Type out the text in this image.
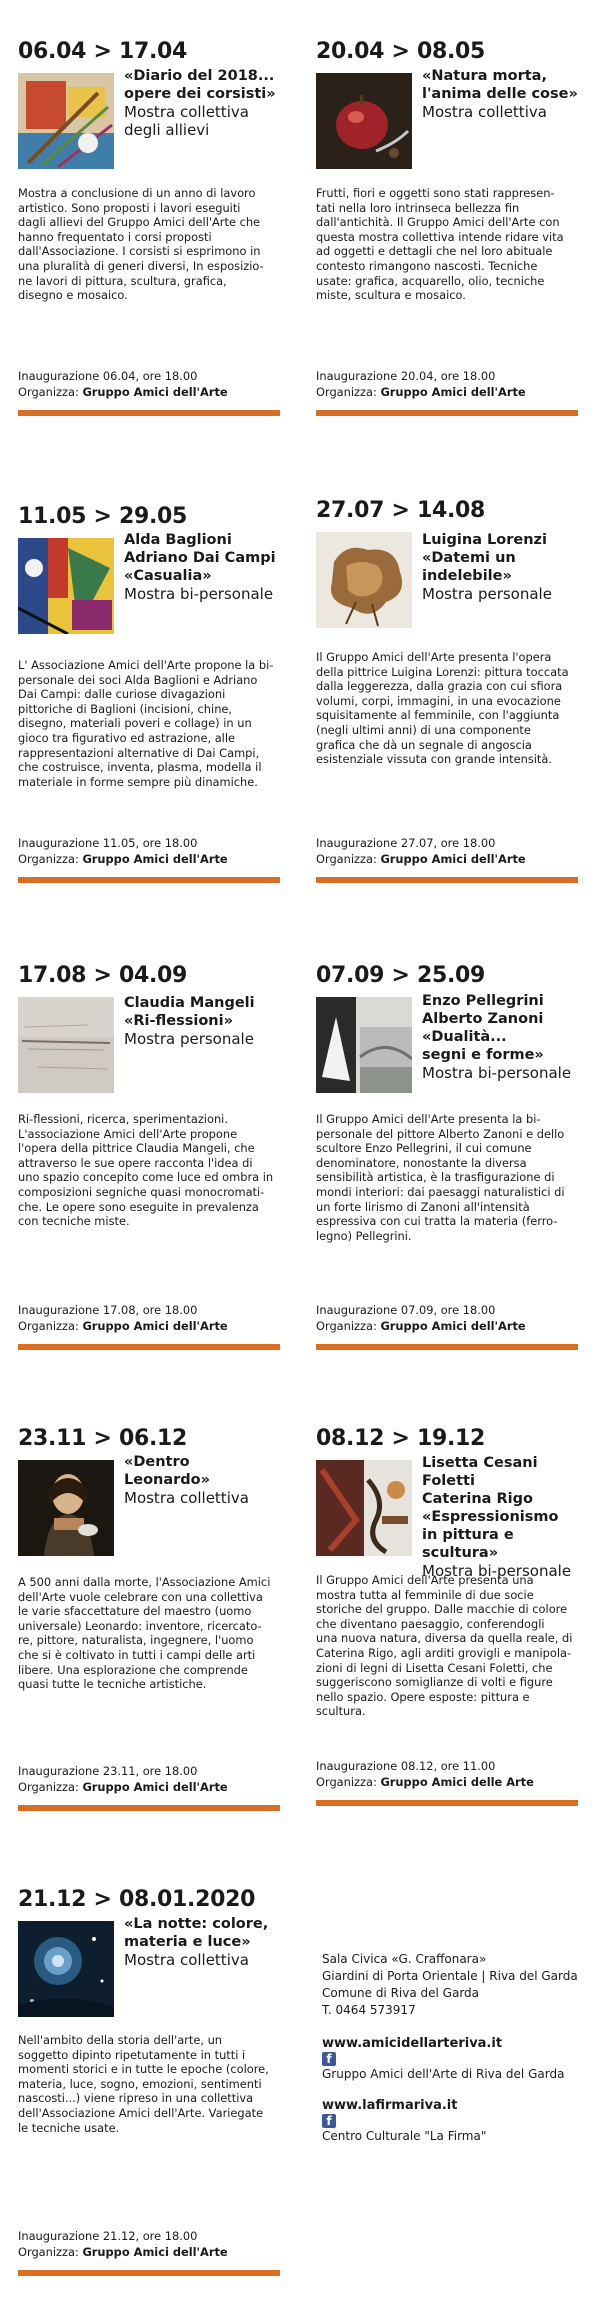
06.04 > 17.04
«Diario del 2018...
opere dei corsisti»
Mostra collettiva
degli allievi
Mostra a conclusione di un anno di lavoro
artistico. Sono proposti i lavori eseguiti
dagli allievi del Gruppo Amici dell'Arte che
hanno frequentato i corsi proposti
dall'Associazione. I corsisti si esprimono in
una pluralità di generi diversi, In esposizio-
ne lavori di pittura, scultura, grafica,
disegno e mosaico.
Inaugurazione 06.04, ore 18.00
Organizza: Gruppo Amici dell'Arte
20.04 > 08.05
«Natura morta,
l'anima delle cose»
Mostra collettiva
Frutti, fiori e oggetti sono stati rappresen-
tati nella loro intrinseca bellezza fin
dall'antichità. Il Gruppo Amici dell'Arte con
questa mostra collettiva intende ridare vita
ad oggetti e dettagli che nel loro abituale
contesto rimangono nascosti. Tecniche
usate: grafica, acquarello, olio, tecniche
miste, scultura e mosaico.
Inaugurazione 20.04, ore 18.00
Organizza: Gruppo Amici dell'Arte
11.05 > 29.05
Alda Baglioni
Adriano Dai Campi
«Casualia»
Mostra bi-personale
L' Associazione Amici dell'Arte propone la bi-
personale dei soci Alda Baglioni e Adriano
Dai Campi: dalle curiose divagazioni
pittoriche di Baglioni (incisioni, chine,
disegno, materiali poveri e collage) in un
gioco tra figurativo ed astrazione, alle
rappresentazioni alternative di Dai Campi,
che costruisce, inventa, plasma, modella il
materiale in forme sempre più dinamiche.
Inaugurazione 11.05, ore 18.00
Organizza: Gruppo Amici dell'Arte
27.07 > 14.08
Luigina Lorenzi
«Datemi un
indelebile»
Mostra personale
Il Gruppo Amici dell'Arte presenta l'opera
della pittrice Luigina Lorenzi: pittura toccata
dalla leggerezza, dalla grazia con cui sfiora
volumi, corpi, immagini, in una evocazione
squisitamente al femminile, con l'aggiunta
(negli ultimi anni) di una componente
grafica che dà un segnale di angoscia
esistenziale vissuta con grande intensità.
Inaugurazione 27.07, ore 18.00
Organizza: Gruppo Amici dell'Arte
17.08 > 04.09
Claudia Mangeli
«Ri-flessioni»
Mostra personale
Ri-flessioni, ricerca, sperimentazioni.
L'associazione Amici dell'Arte propone
l'opera della pittrice Claudia Mangeli, che
attraverso le sue opere racconta l'idea di
uno spazio concepito come luce ed ombra in
composizioni segniche quasi monocromati-
che. Le opere sono eseguite in prevalenza
con tecniche miste.
Inaugurazione 17.08, ore 18.00
Organizza: Gruppo Amici dell'Arte
07.09 > 25.09
Enzo Pellegrini
Alberto Zanoni
«Dualità...
segni e forme»
Mostra bi-personale
Il Gruppo Amici dell'Arte presenta la bi-
personale del pittore Alberto Zanoni e dello
scultore Enzo Pellegrini, il cui comune
denominatore, nonostante la diversa
sensibilità artistica, è la trasfigurazione di
mondi interiori: dai paesaggi naturalistici di
un forte lirismo di Zanoni all'intensità
espressiva con cui tratta la materia (ferro-
legno) Pellegrini.
Inaugurazione 07.09, ore 18.00
Organizza: Gruppo Amici dell'Arte
23.11 > 06.12
«Dentro
Leonardo»
Mostra collettiva
A 500 anni dalla morte, l'Associazione Amici
dell'Arte vuole celebrare con una collettiva
le varie sfaccettature del maestro (uomo
universale) Leonardo: inventore, ricercato-
re, pittore, naturalista, ingegnere, l'uomo
che si è coltivato in tutti i campi delle arti
libere. Una esplorazione che comprende
quasi tutte le tecniche artistiche.
Inaugurazione 23.11, ore 18.00
Organizza: Gruppo Amici dell'Arte
08.12 > 19.12
Lisetta Cesani Foletti
Caterina Rigo
«Espressionismo
in pittura e scultura»
Mostra bi-personale
Il Gruppo Amici dell'Arte presenta una
mostra tutta al femminile di due socie
storiche del gruppo. Dalle macchie di colore
che diventano paesaggio, conferendogli
una nuova natura, diversa da quella reale, di
Caterina Rigo, agli arditi grovigli e manipola-
zioni di legni di Lisetta Cesani Foletti, che
suggeriscono somiglianze di volti e figure
nello spazio. Opere esposte: pittura e
scultura.
Inaugurazione 08.12, ore 11.00
Organizza: Gruppo Amici delle Arte
21.12 > 08.01.2020
«La notte: colore,
materia e luce»
Mostra collettiva
Nell'ambito della storia dell'arte, un
soggetto dipinto ripetutamente in tutti i
momenti storici e in tutte le epoche (colore,
materia, luce, sogno, emozioni, sentimenti
nascosti...) viene ripreso in una collettiva
dell'Associazione Amici dell'Arte. Variegate
le tecniche usate.
Inaugurazione 21.12, ore 18.00
Organizza: Gruppo Amici dell'Arte
Sala Civica «G. Craffonara»
Giardini di Porta Orientale | Riva del Garda
Comune di Riva del Garda
T. 0464 573917
www.amicidellarteriva.it
f
Gruppo Amici dell'Arte di Riva del Garda
www.lafirmariva.it
f
Centro Culturale "La Firma"
